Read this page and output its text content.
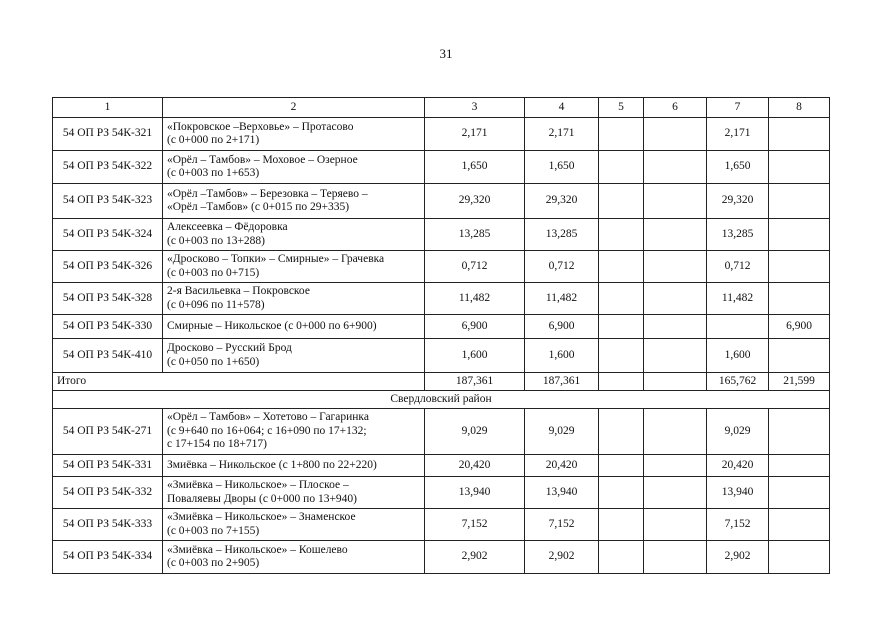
31
1	2	3	4	5	6	7	8
54 ОП РЗ 54К-321	«Покровское –Верховье» – Протасово
(с 0+000 по 2+171)	2,171	2,171			2,171	
54 ОП РЗ 54К-322	«Орёл – Тамбов» – Моховое – Озерное
(с 0+003 по 1+653)	1,650	1,650			1,650	
54 ОП РЗ 54К-323	«Орёл –Тамбов» – Березовка – Теряево –
«Орёл –Тамбов» (с 0+015 по 29+335)	29,320	29,320			29,320	
54 ОП РЗ 54К-324	Алексеевка – Фёдоровка
(с 0+003 по 13+288)	13,285	13,285			13,285	
54 ОП РЗ 54К-326	«Дросково – Топки» – Смирные» – Грачевка
(с 0+003 по 0+715)	0,712	0,712			0,712	
54 ОП РЗ 54К-328	2-я Васильевка – Покровское
(с 0+096 по 11+578)	11,482	11,482			11,482	
54 ОП РЗ 54К-330	Смирные – Никольское (с 0+000 по 6+900)	6,900	6,900				6,900
54 ОП РЗ 54К-410	Дросково – Русский Брод
(с 0+050 по 1+650)	1,600	1,600			1,600	
Итого		187,361	187,361			165,762	21,599
Свердловский район							
54 ОП РЗ 54К-271	«Орёл – Тамбов» – Хотетово – Гагаринка
(с 9+640 по 16+064; с 16+090 по 17+132;
с 17+154 по 18+717)	9,029	9,029			9,029	
54 ОП РЗ 54К-331	Змиёвка – Никольское (с 1+800 по 22+220)	20,420	20,420			20,420	
54 ОП РЗ 54К-332	«Змиёвка – Никольское» – Плоское –
Поваляевы Дворы (с 0+000 по 13+940)	13,940	13,940			13,940	
54 ОП РЗ 54К-333	«Змиёвка – Никольское» – Знаменское
(с 0+003 по 7+155)	7,152	7,152			7,152	
54 ОП РЗ 54К-334	«Змиёвка – Никольское» – Кошелево
(с 0+003 по 2+905)	2,902	2,902			2,902	
